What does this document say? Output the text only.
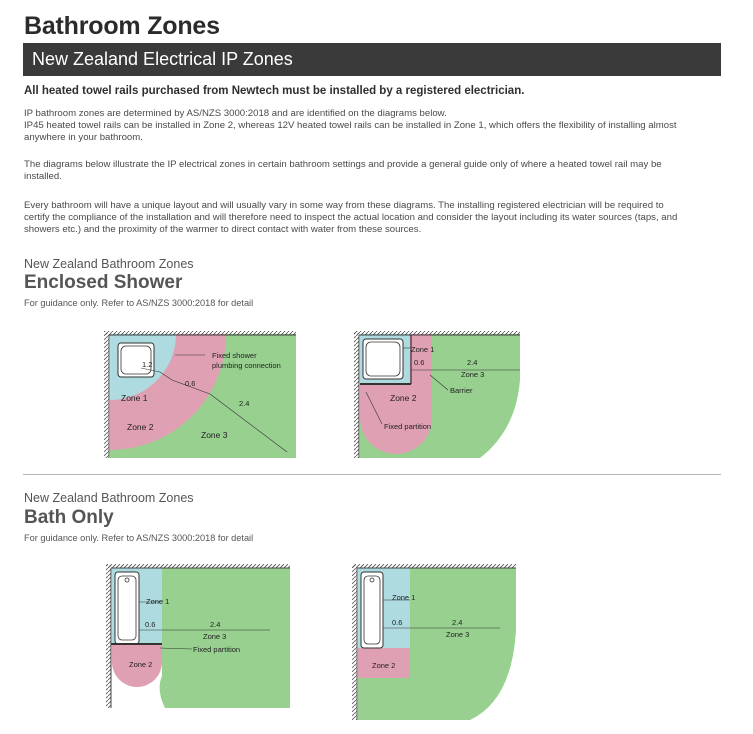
Bathroom Zones
New Zealand Electrical IP Zones
All heated towel rails purchased from Newtech must be installed by a registered electrician.

IP bathroom zones are determined by AS/NZS 3000:2018 and are identified on the diagrams below.

IP45 heated towel rails can be installed in Zone 2, whereas 12V heated towel rails can be installed in Zone 1, which offers the flexibility of installing almost anywhere in your bathroom.

The diagrams below illustrate the IP electrical zones in certain bathroom settings and provide a general guide only of where a heated towel rail may be installed.

Every bathroom will have a unique layout and will usually vary in some way from these diagrams. The installing registered electrician will be required to certify the compliance of the installation and will therefore need to inspect the actual location and consider the layout including its water sources (taps, and showers etc.) and the proximity of the warmer to direct contact with water from these sources.

New Zealand Bathroom Zones
Enclosed Shower
For guidance only. Refer to AS/NZS 3000:2018 for detail
New Zealand Bathroom Zones
Bath Only
For guidance only. Refer to AS/NZS 3000:2018 for detail
1.2
0.6
2.4
Fixed shower
plumbing connection
Zone 1
Zone 2
Zone 3
Zone 1
0.6	2.4
Zone 3
Barrier
Zone 2
Fixed partition
Zone 1
0.6	2.4
Zone 3
Fixed partition
Zone 2
Zone 1
0.6	2.4
Zone 3
Zone 2
